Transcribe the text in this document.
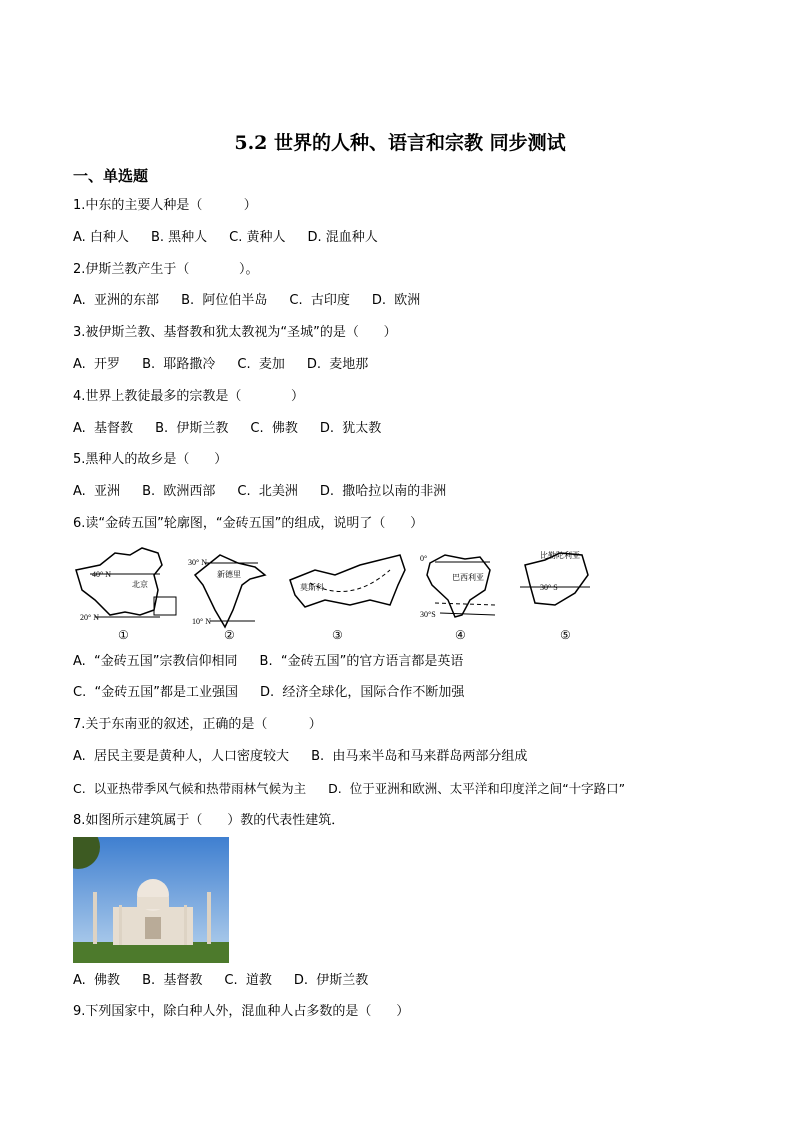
5.2 世界的人种、语言和宗教 同步测试
一、单选题
1.中东的主要人种是（          ）
A. 白种人 B. 黑种人 C. 黄种人 D. 混血种人
2.伊斯兰教产生于（            ）。
A.  亚洲的东部 B.  阿位伯半岛 C.  古印度 D.  欧洲
3.被伊斯兰教、基督教和犹太教视为“圣城”的是（      ）
A.  开罗 B.  耶路撒冷 C.  麦加 D.  麦地那
4.世界上教徒最多的宗教是（            ）
A.  基督教 B.  伊斯兰教 C.  佛教 D.  犹太教
5.黑种人的故乡是（      ）
A.  亚洲 B.  欧洲西部 C.  北美洲 D.  撒哈拉以南的非洲
6.读“金砖五国”轮廓图，“金砖五国”的组成，说明了（      ）
40° N
20° N
北京
①
30° N
10° N
新德里
②
莫斯科
③
0°
30°S
巴西利亚
④
30° S
比勒陀利亚
⑤
A.  “金砖五国”宗教信仰相同 B.  “金砖五国”的官方语言都是英语
C.  “金砖五国”都是工业强国 D.  经济全球化，国际合作不断加强
7.关于东南亚的叙述，正确的是（          ）
A.  居民主要是黄种人，人口密度较大 B.  由马来半岛和马来群岛两部分组成
C.  以亚热带季风气候和热带雨林气候为主 D.  位于亚洲和欧洲、太平洋和印度洋之间“十字路口”
8.如图所示建筑属于（      ）教的代表性建筑．
A.  佛教 B.  基督教 C.  道教 D.  伊斯兰教
9.下列国家中，除白种人外，混血种人占多数的是（      ）
